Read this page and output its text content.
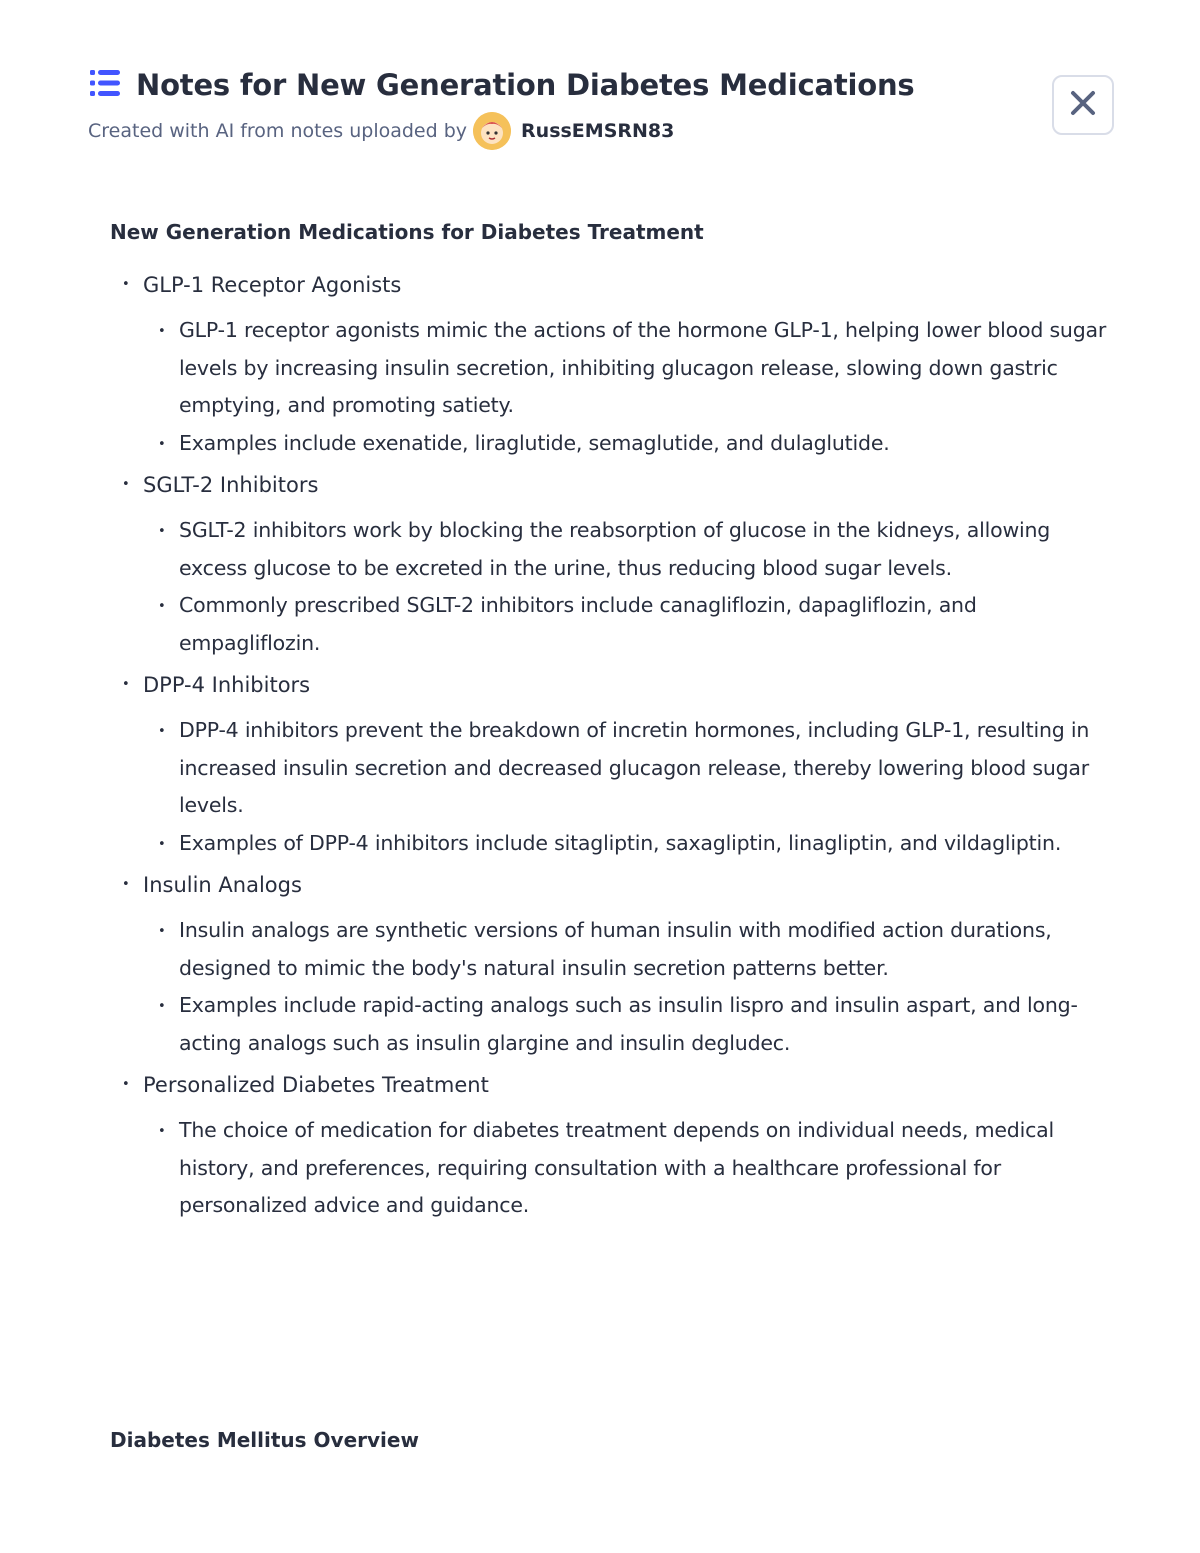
Notes for New Generation Diabetes Medications
Created with AI from notes uploaded by	RussEMSRN83
New Generation Medications for Diabetes Treatment
• GLP-1 Receptor Agonists
• GLP-1 receptor agonists mimic the actions of the hormone GLP-1, helping lower blood sugar levels by increasing insulin secretion, inhibiting glucagon release, slowing down gastric emptying, and promoting satiety.
• Examples include exenatide, liraglutide, semaglutide, and dulaglutide.
• SGLT-2 Inhibitors
• SGLT-2 inhibitors work by blocking the reabsorption of glucose in the kidneys, allowing excess glucose to be excreted in the urine, thus reducing blood sugar levels.
• Commonly prescribed SGLT-2 inhibitors include canagliflozin, dapagliflozin, and empagliflozin.
• DPP-4 Inhibitors
• DPP-4 inhibitors prevent the breakdown of incretin hormones, including GLP-1, resulting in increased insulin secretion and decreased glucagon release, thereby lowering blood sugar levels.
• Examples of DPP-4 inhibitors include sitagliptin, saxagliptin, linagliptin, and vildagliptin.
• Insulin Analogs
• Insulin analogs are synthetic versions of human insulin with modified action durations, designed to mimic the body's natural insulin secretion patterns better.
• Examples include rapid-acting analogs such as insulin lispro and insulin aspart, and long-acting analogs such as insulin glargine and insulin degludec.
• Personalized Diabetes Treatment
• The choice of medication for diabetes treatment depends on individual needs, medical history, and preferences, requiring consultation with a healthcare professional for personalized advice and guidance.
Diabetes Mellitus Overview
